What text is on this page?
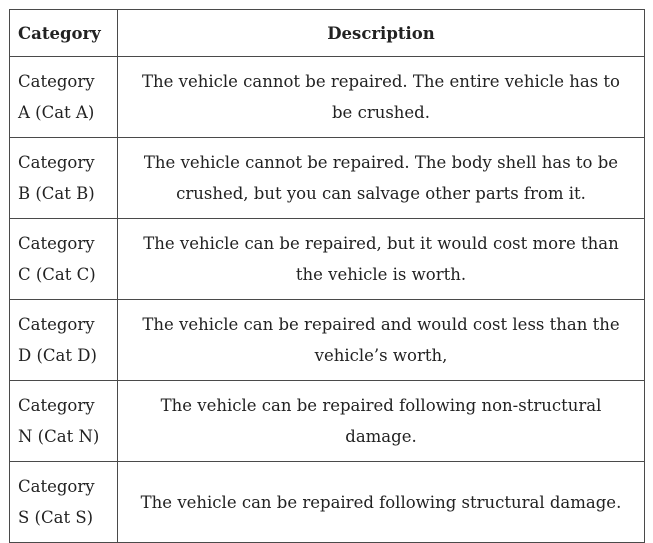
Category	Description
Category A (Cat A)	The vehicle cannot be repaired. The entire vehicle has to be crushed.
Category B (Cat B)	The vehicle cannot be repaired. The body shell has to be crushed, but you can salvage other parts from it.
Category C (Cat C)	The vehicle can be repaired, but it would cost more than the vehicle is worth.
Category D (Cat D)	The vehicle can be repaired and would cost less than the vehicle’s worth,
Category N (Cat N)	The vehicle can be repaired following non-structural damage.
Category S (Cat S)	The vehicle can be repaired following structural damage.
